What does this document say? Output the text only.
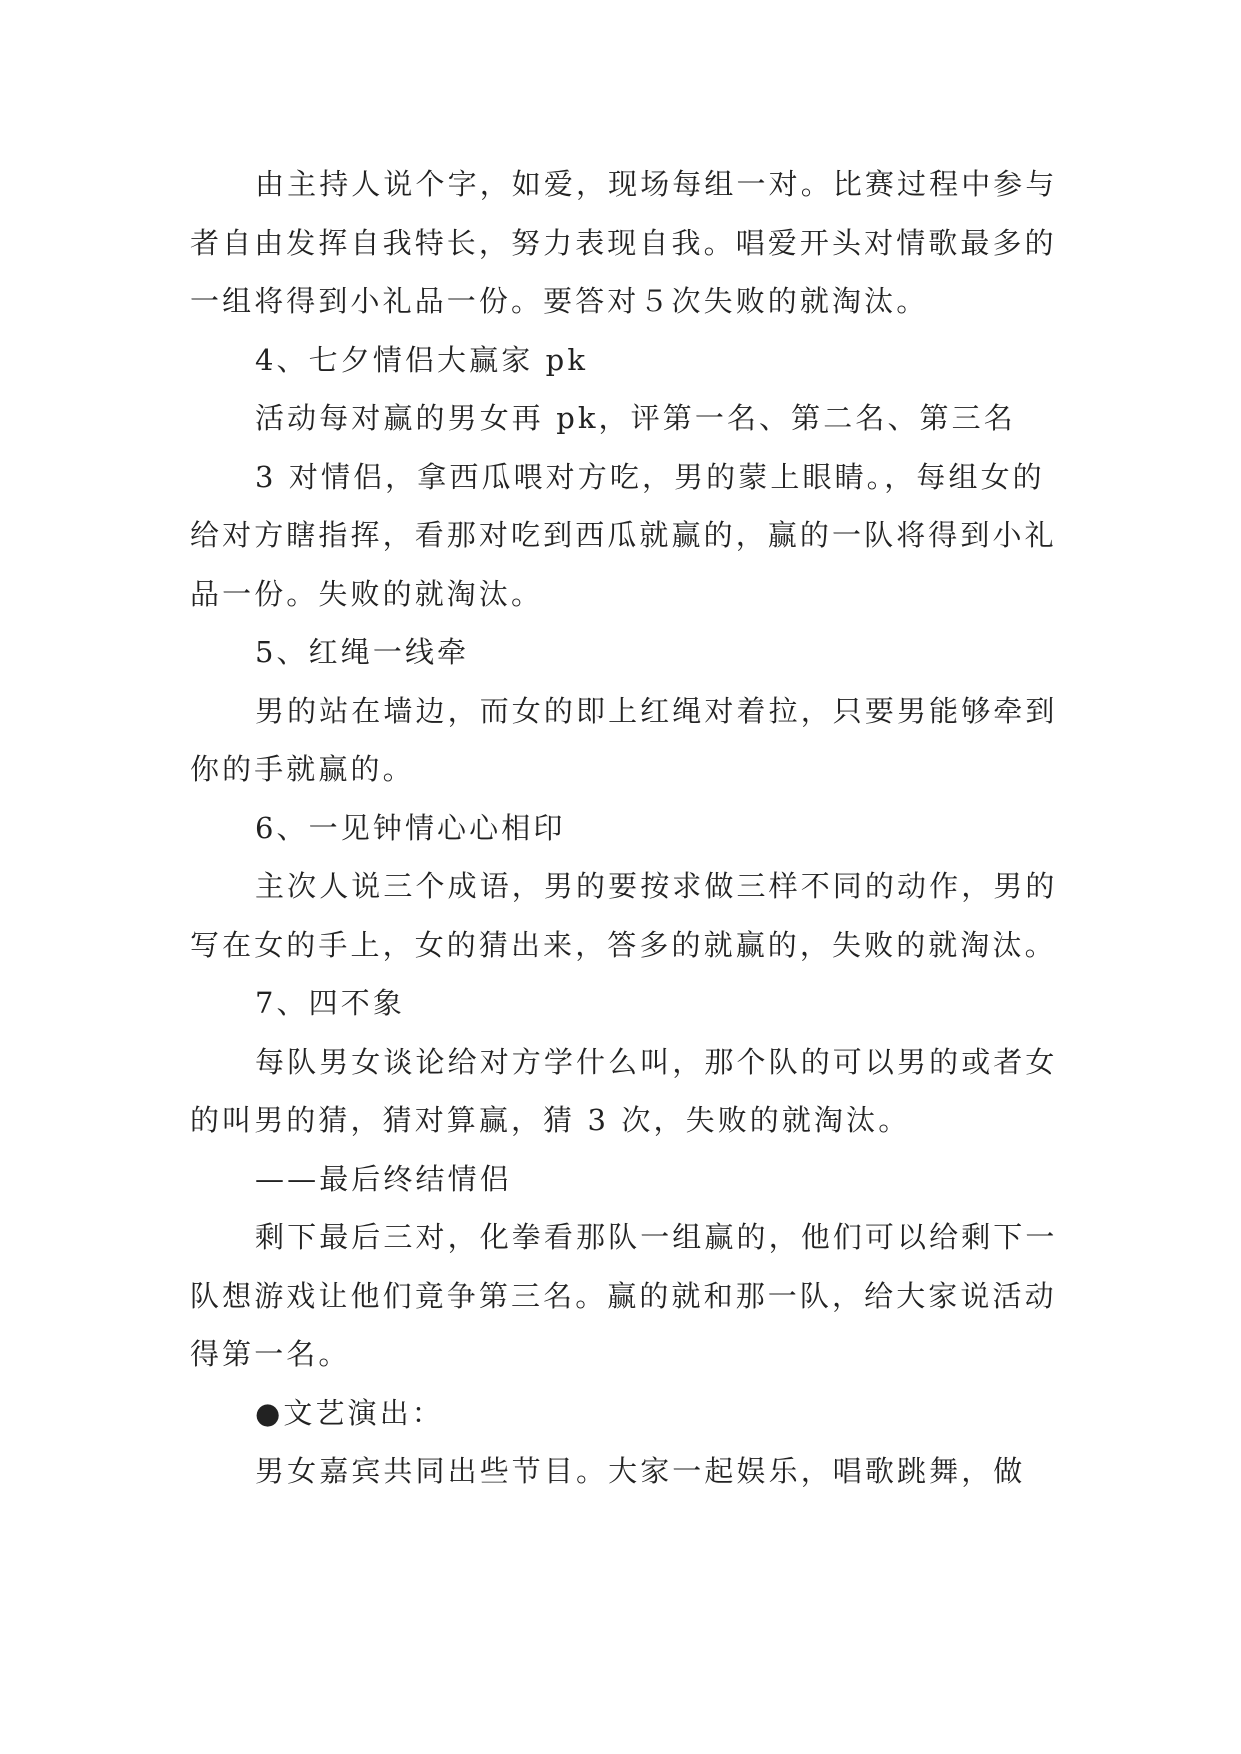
由主持人说个字，如爱，现场每组一对。比赛过程中参与者自由发挥自我特长，努力表现自我。唱爱开头对情歌最多的一组将得到小礼品一份。要答对５次失败的就淘汰。

4、七夕情侣大赢家 pk

活动每对赢的男女再 pk，评第一名、第二名、第三名

3 对情侣，拿西瓜喂对方吃，男的蒙上眼睛。，每组女的给对方瞎指挥，看那对吃到西瓜就赢的，赢的一队将得到小礼品一份。失败的就淘汰。

5、红绳一线牵

男的站在墙边，而女的即上红绳对着拉，只要男能够牵到你的手就赢的。

6、一见钟情心心相印

主次人说三个成语，男的要按求做三样不同的动作，男的写在女的手上，女的猜出来，答多的就赢的，失败的就淘汰。

7、四不象

每队男女谈论给对方学什么叫，那个队的可以男的或者女的叫男的猜，猜对算赢，猜 3 次，失败的就淘汰。

——最后终结情侣

剩下最后三对，化拳看那队一组赢的，他们可以给剩下一队想游戏让他们竟争第三名。赢的就和那一队，给大家说活动得第一名。

●文艺演出：

男女嘉宾共同出些节目。大家一起娱乐，唱歌跳舞，做
